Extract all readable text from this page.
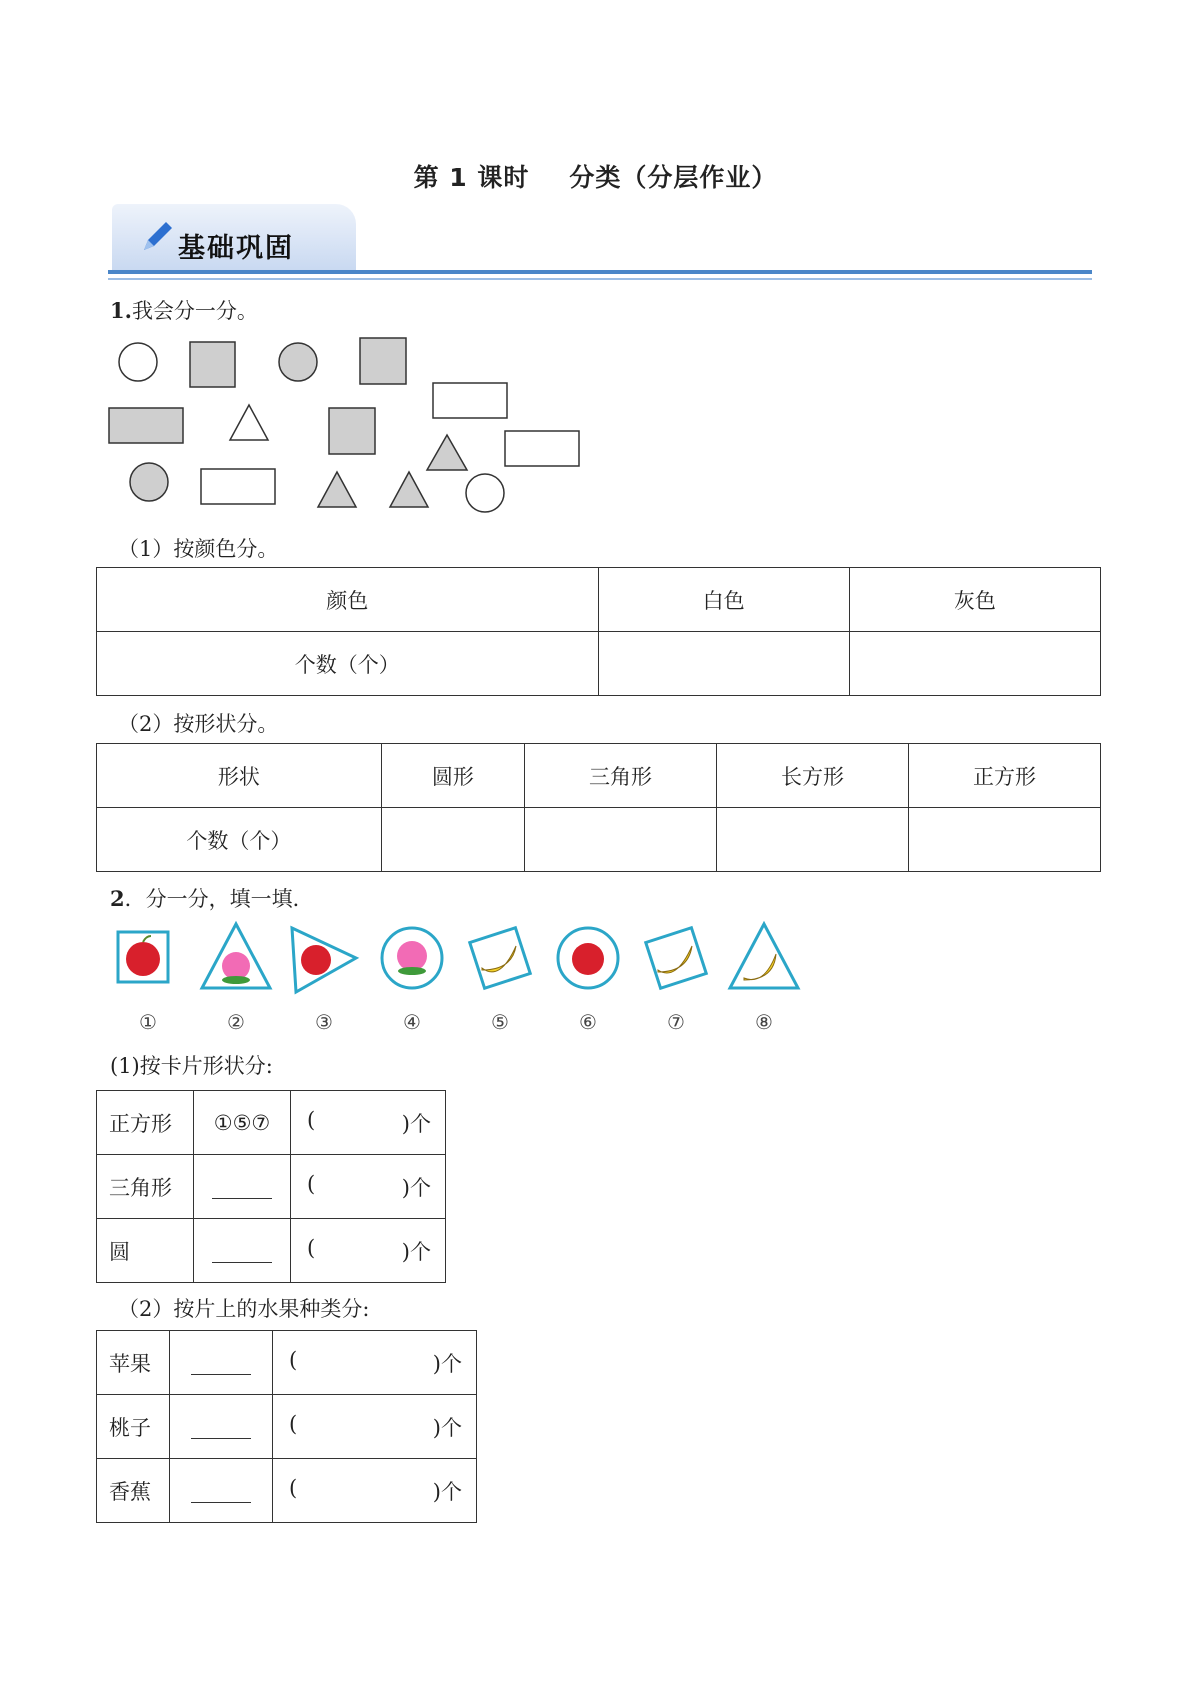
第 1 课时 分类（分层作业）
基础巩固
1.我会分一分。
（1）按颜色分。
颜色	白色	灰色
个数（个）		
（2）按形状分。
形状	圆形	三角形	长方形	正方形
个数（个）				
2．分一分，填一填．
①	②	③	④	⑤	⑥	⑦	⑧
(1)按卡片形状分:
正方形	①⑤⑦	( )个

三角形		( )个

圆		( )个
（2）按片上的水果种类分:
苹果		( )个

桃子		( )个

香蕉		( )个
